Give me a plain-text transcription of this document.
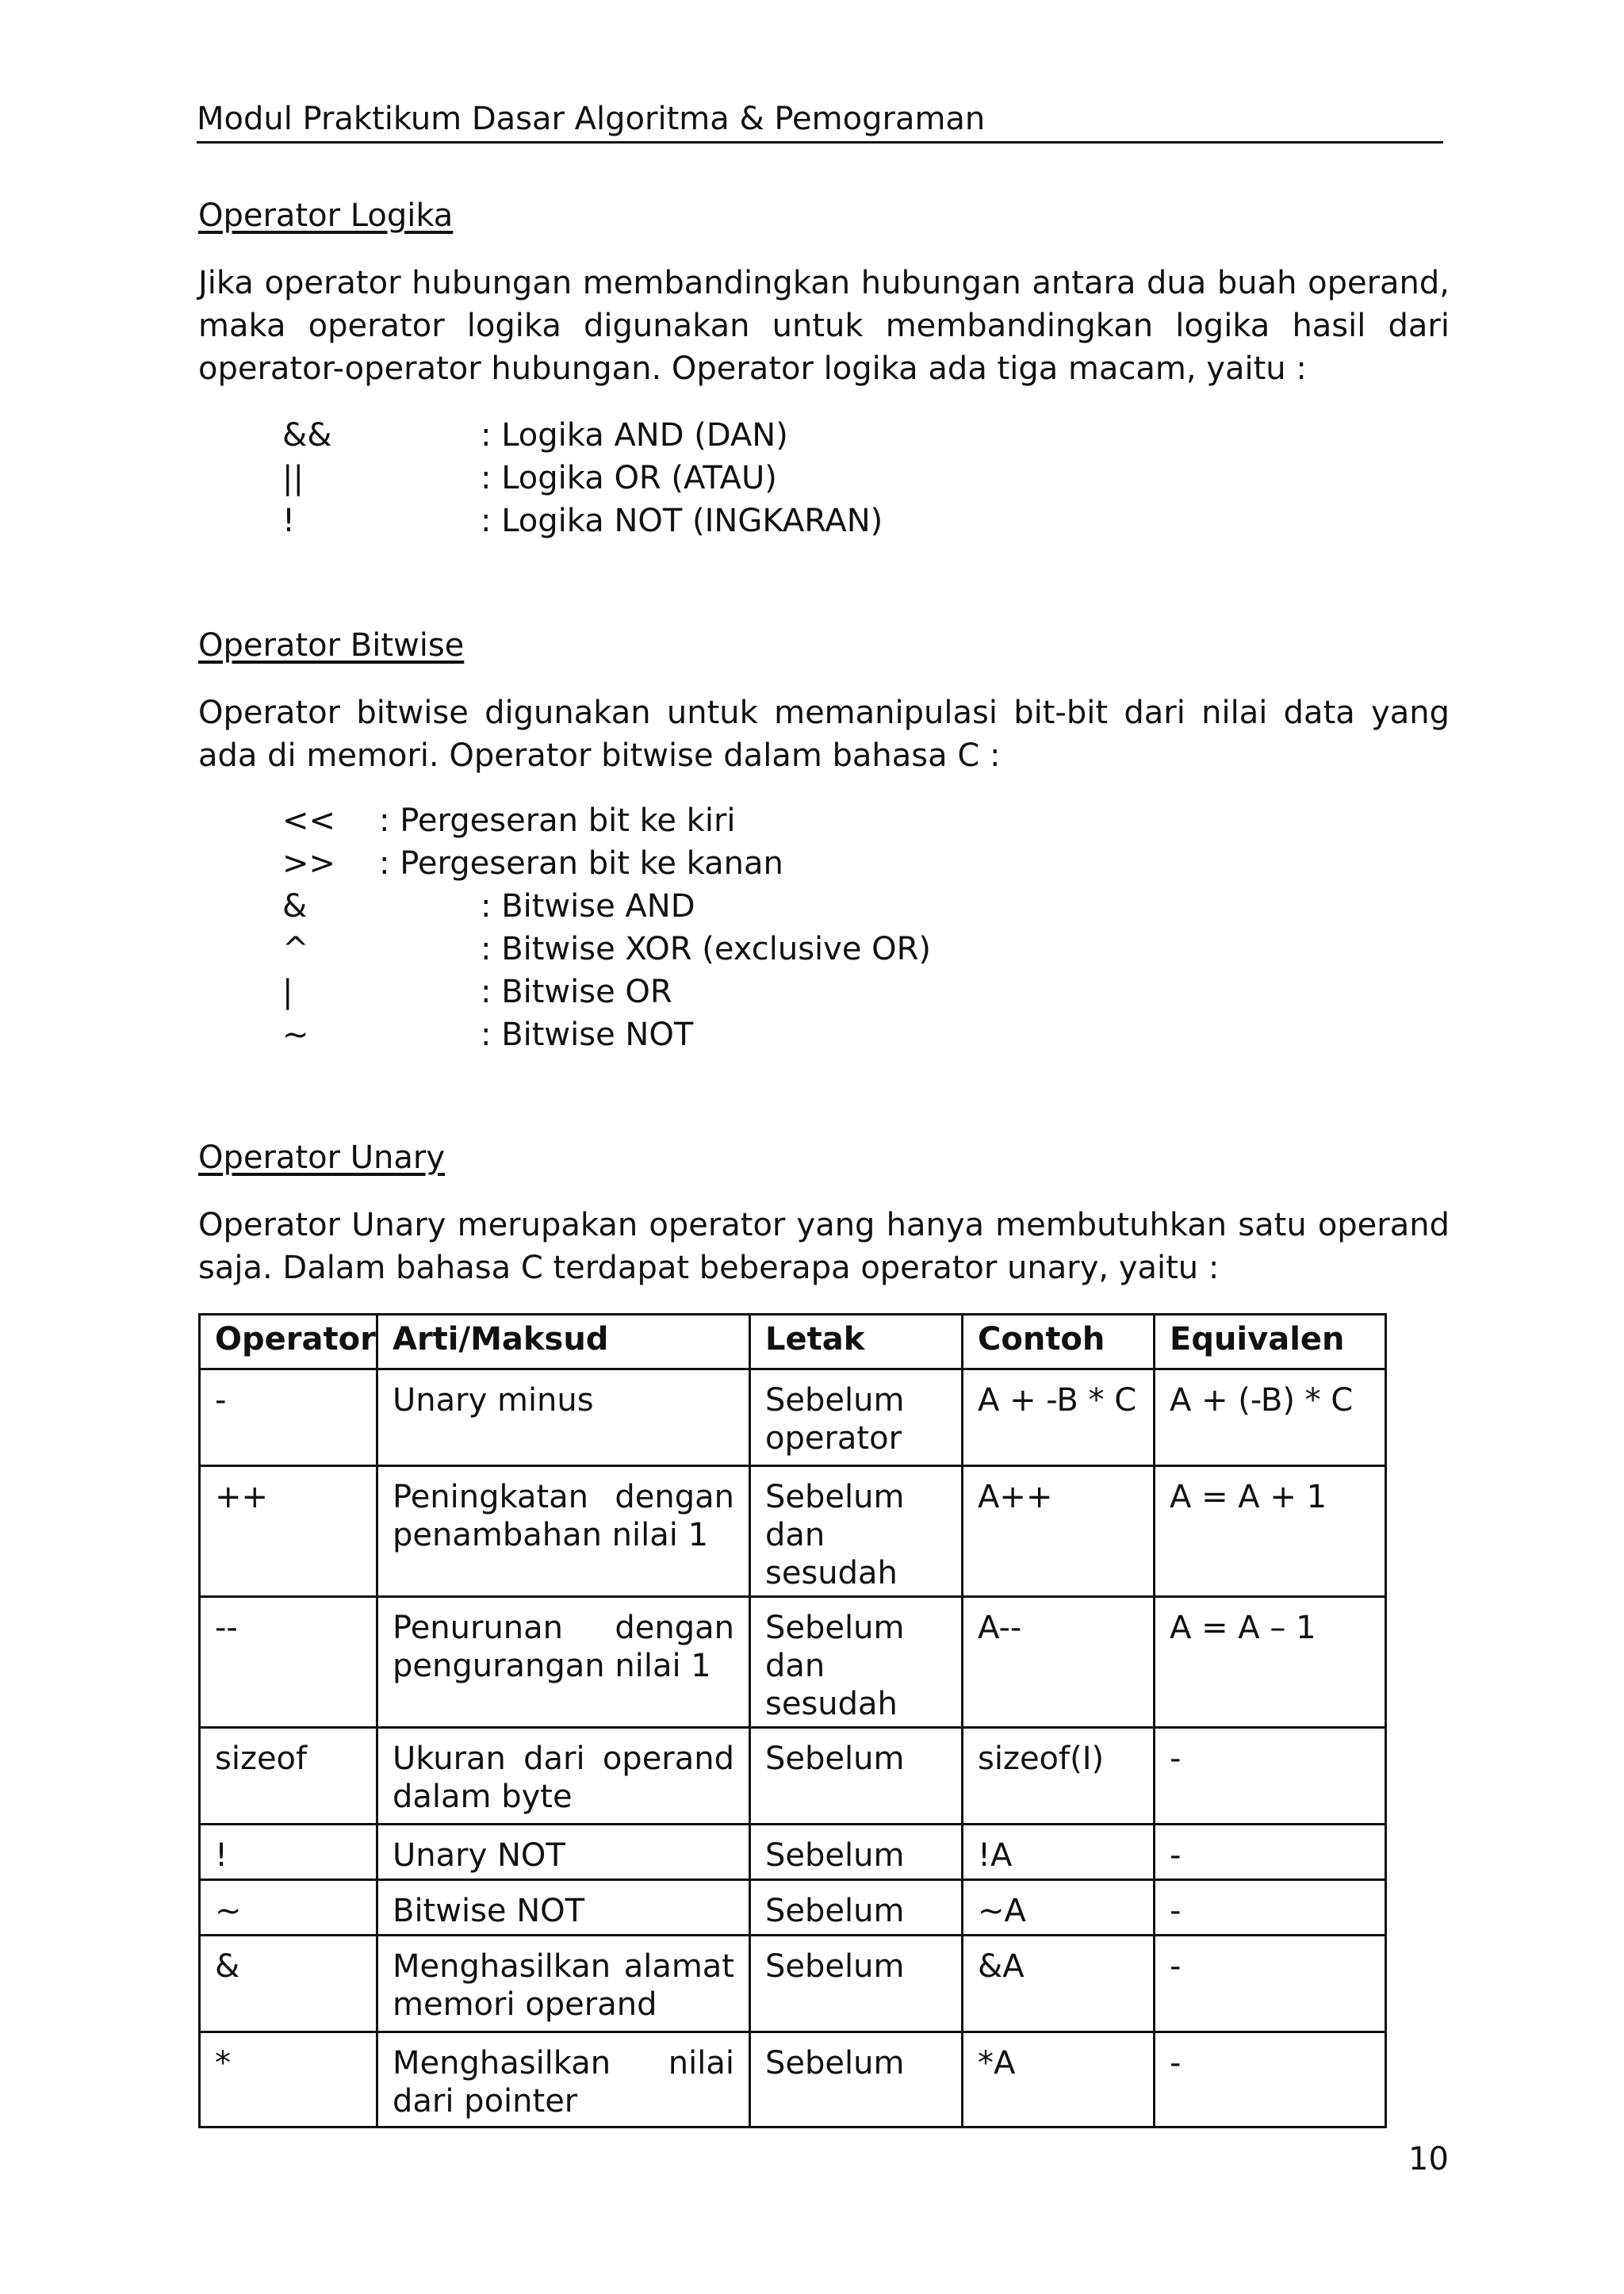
Modul Praktikum Dasar Algoritma & Pemograman
Operator Logika
Jika operator hubungan membandingkan hubungan antara dua buah operand, maka operator logika digunakan untuk membandingkan logika hasil dari operator-operator hubungan. Operator logika ada tiga macam, yaitu :
&&	: Logika AND (DAN)
||	: Logika OR (ATAU)
!	: Logika NOT (INGKARAN)
Operator Bitwise
Operator bitwise digunakan untuk memanipulasi bit-bit dari nilai data yang ada di memori. Operator bitwise dalam bahasa C :
<< : Pergeseran bit ke kiri
>> : Pergeseran bit ke kanan
&	: Bitwise AND
^	: Bitwise XOR (exclusive OR)
|	: Bitwise OR
~	: Bitwise NOT
Operator Unary
Operator Unary merupakan operator yang hanya membutuhkan satu operand saja. Dalam bahasa C terdapat beberapa operator unary, yaitu :
Operator	Arti/Maksud	Letak	Contoh	Equivalen
-	Unary minus	Sebelum operator	A + -B * C	A + (-B) * C
++	Peningkatan dengan penambahan nilai 1	Sebelum dan sesudah	A++	A = A + 1
--	Penurunan dengan pengurangan nilai 1	Sebelum dan sesudah	A--	A = A – 1
sizeof	Ukuran dari operand dalam byte	Sebelum	sizeof(I)	-
!	Unary NOT	Sebelum	!A	-
~	Bitwise NOT	Sebelum	~A	-
&	Menghasilkan alamat memori operand	Sebelum	&A	-
*	Menghasilkan nilai dari pointer	Sebelum	*A	-
10
